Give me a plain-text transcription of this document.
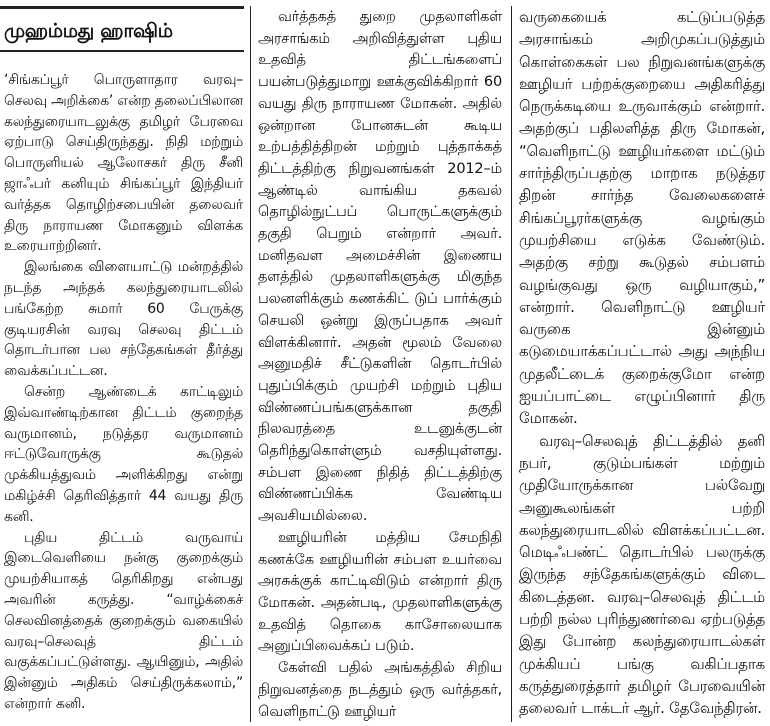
முஹம்மது ஹாஷிம்

‘சிங்கப்பூர் பொருளாதார வரவு–செலவு அறிக்கை’ என்ற தலைப்பிலான கலந்துரையாடலுக்கு தமிழர் பேரவை ஏற்பாடு செய்திருந்தது. நிதி மற்றும் பொருளியல் ஆலோசகர் திரு சீனி ஜாஃபர் கனியும் சிங்கப்பூர் இந்தியர் வர்த்தக தொழிற்சபையின் தலைவர் திரு நாராயண மோகனும் விளக்க உரையாற்றினர்.

இலங்கை விளையாட்டு மன்றத்தில் நடந்த அந்தக் கலந்துரையாடலில் பங்கேற்ற சுமார் 60 பேருக்கு குடியரசின் வரவு செலவு திட்டம் தொடர்பான பல சந்தேகங்கள் தீர்த்து வைக்கப்பட்டன.

சென்ற ஆண்டைக் காட்டிலும் இவ்வாண்டிற்கான திட்டம் குறைந்த வருமானம், நடுத்தர வருமானம் ஈட்டுவோருக்கு கூடுதல் முக்கியத்துவம் அளிக்கிறது என்று மகிழ்ச்சி தெரிவித்தார் 44 வயது திரு கனி.

புதிய திட்டம் வருவாய் இடைவெளியை நன்கு குறைக்கும் முயற்சியாகத் தெரிகிறது என்பது அவரின் கருத்து. “வாழ்க்கைச் செலவினத்தைக் குறைக்கும் வகையில் வரவு–செலவுத் திட்டம் வகுக்கப்பட்டுள்ளது. ஆயினும், அதில் இன்னும் அதிகம் செய்திருக்கலாம்,” என்றார் கனி.

வர்த்தகத் துறை முதலாளிகள் அரசாங்கம் அறிவித்துள்ள புதிய உதவித் திட்டங்களைப் பயன்படுத்துமாறு ஊக்குவிக்கிறார் 60 வயது திரு நாராயண மோகன். அதில் ஒன்றான போனசுடன் கூடிய உற்பத்தித்திறன் மற்றும் புத்தாக்கத் திட்டத்திற்கு நிறுவனங்கள் 2012–ம் ஆண்டில் வாங்கிய தகவல் தொழில்நுட்பப் பொருட்களுக்கும் தகுதி பெறும் என்றார் அவர். மனிதவள அமைச்சின் இணைய தளத்தில் முதலாளிகளுக்கு மிகுந்த பலனளிக்கும் கணக்கிட் டுப் பார்க்கும் செயலி ஒன்று இருப்பதாக அவர் விளக்கினார். அதன் மூலம் வேலை அனுமதிச் சீட்டுகளின் தொடர்பில் புதுப்பிக்கும் முயற்சி மற்றும் புதிய விண்ணப்பங்களுக்கான தகுதி நிலவரத்தை உடனுக்குடன் தெரிந்துகொள்ளும் வசதியுள்ளது. சம்பள இணை நிதித் திட்டத்திற்கு விண்ணப்பிக்க வேண்டிய அவசியமில்லை.

ஊழியரின் மத்திய சேமநிதி கணக்கே ஊழியரின் சம்பள உயர்வை அரசுக்குக் காட்டிவிடும் என்றார் திரு மோகன். அதன்படி, முதலாளிகளுக்கு உதவித் தொகை காசோலையாக அனுப்பிவைக்கப் படும்.

கேள்வி பதில் அங்கத்தில் சிறிய நிறுவனத்தை நடத்தும் ஒரு வர்த்தகர், வெளிநாட்டு ஊழியர்

வருகையைக் கட்டுப்படுத்த அரசாங்கம் அறிமுகப்படுத்தும் கொள்கைகள் பல நிறுவனங்களுக்கு ஊழியர் பற்றக்குறையை அதிகரித்து நெருக்கடியை உருவாக்கும் என்றார். அதற்குப் பதிலளித்த திரு மோகன், “வெளிநாட்டு ஊழியர்களை மட்டும் சார்ந்திருப்பதற்கு மாறாக நடுத்தர திறன் சார்ந்த வேலைகளைச் சிங்கப்பூரர்களுக்கு வழங்கும் முயற்சியை எடுக்க வேண்டும். அதற்கு சற்று கூடுதல் சம்பளம் வழங்குவது ஒரு வழியாகும்,” என்றார். வெளிநாட்டு ஊழியர் வருகை இன்னும் கடுமையாக்கப்பட்டால் அது அந்நிய முதலீட்டைக் குறைக்குமோ என்ற ஐயப்பாட்டை எழுப்பினார் திரு மோகன்.

வரவு–செலவுத் திட்டத்தில் தனி நபர், குடும்பங்கள் மற்றும் முதியோருக்கான பல்வேறு அனுகூலங்கள் பற்றி கலந்துரையாடலில் விளக்கப்பட்டன. மெடிஃபண்ட் தொடர்பில் பலருக்கு இருந்த சந்தேகங்களுக்கும் விடை கிடைத்தன. வரவு–செலவுத் திட்டம் பற்றி நல்ல புரிந்துணர்வை ஏற்படுத்த இது போன்ற கலந்துரையாடல்கள் முக்கியப் பங்கு வகிப்பதாக கருத்துரைத்தார் தமிழர் பேரவையின் தலைவர் டாக்டர் ஆர். தேவேந்திரன்.
